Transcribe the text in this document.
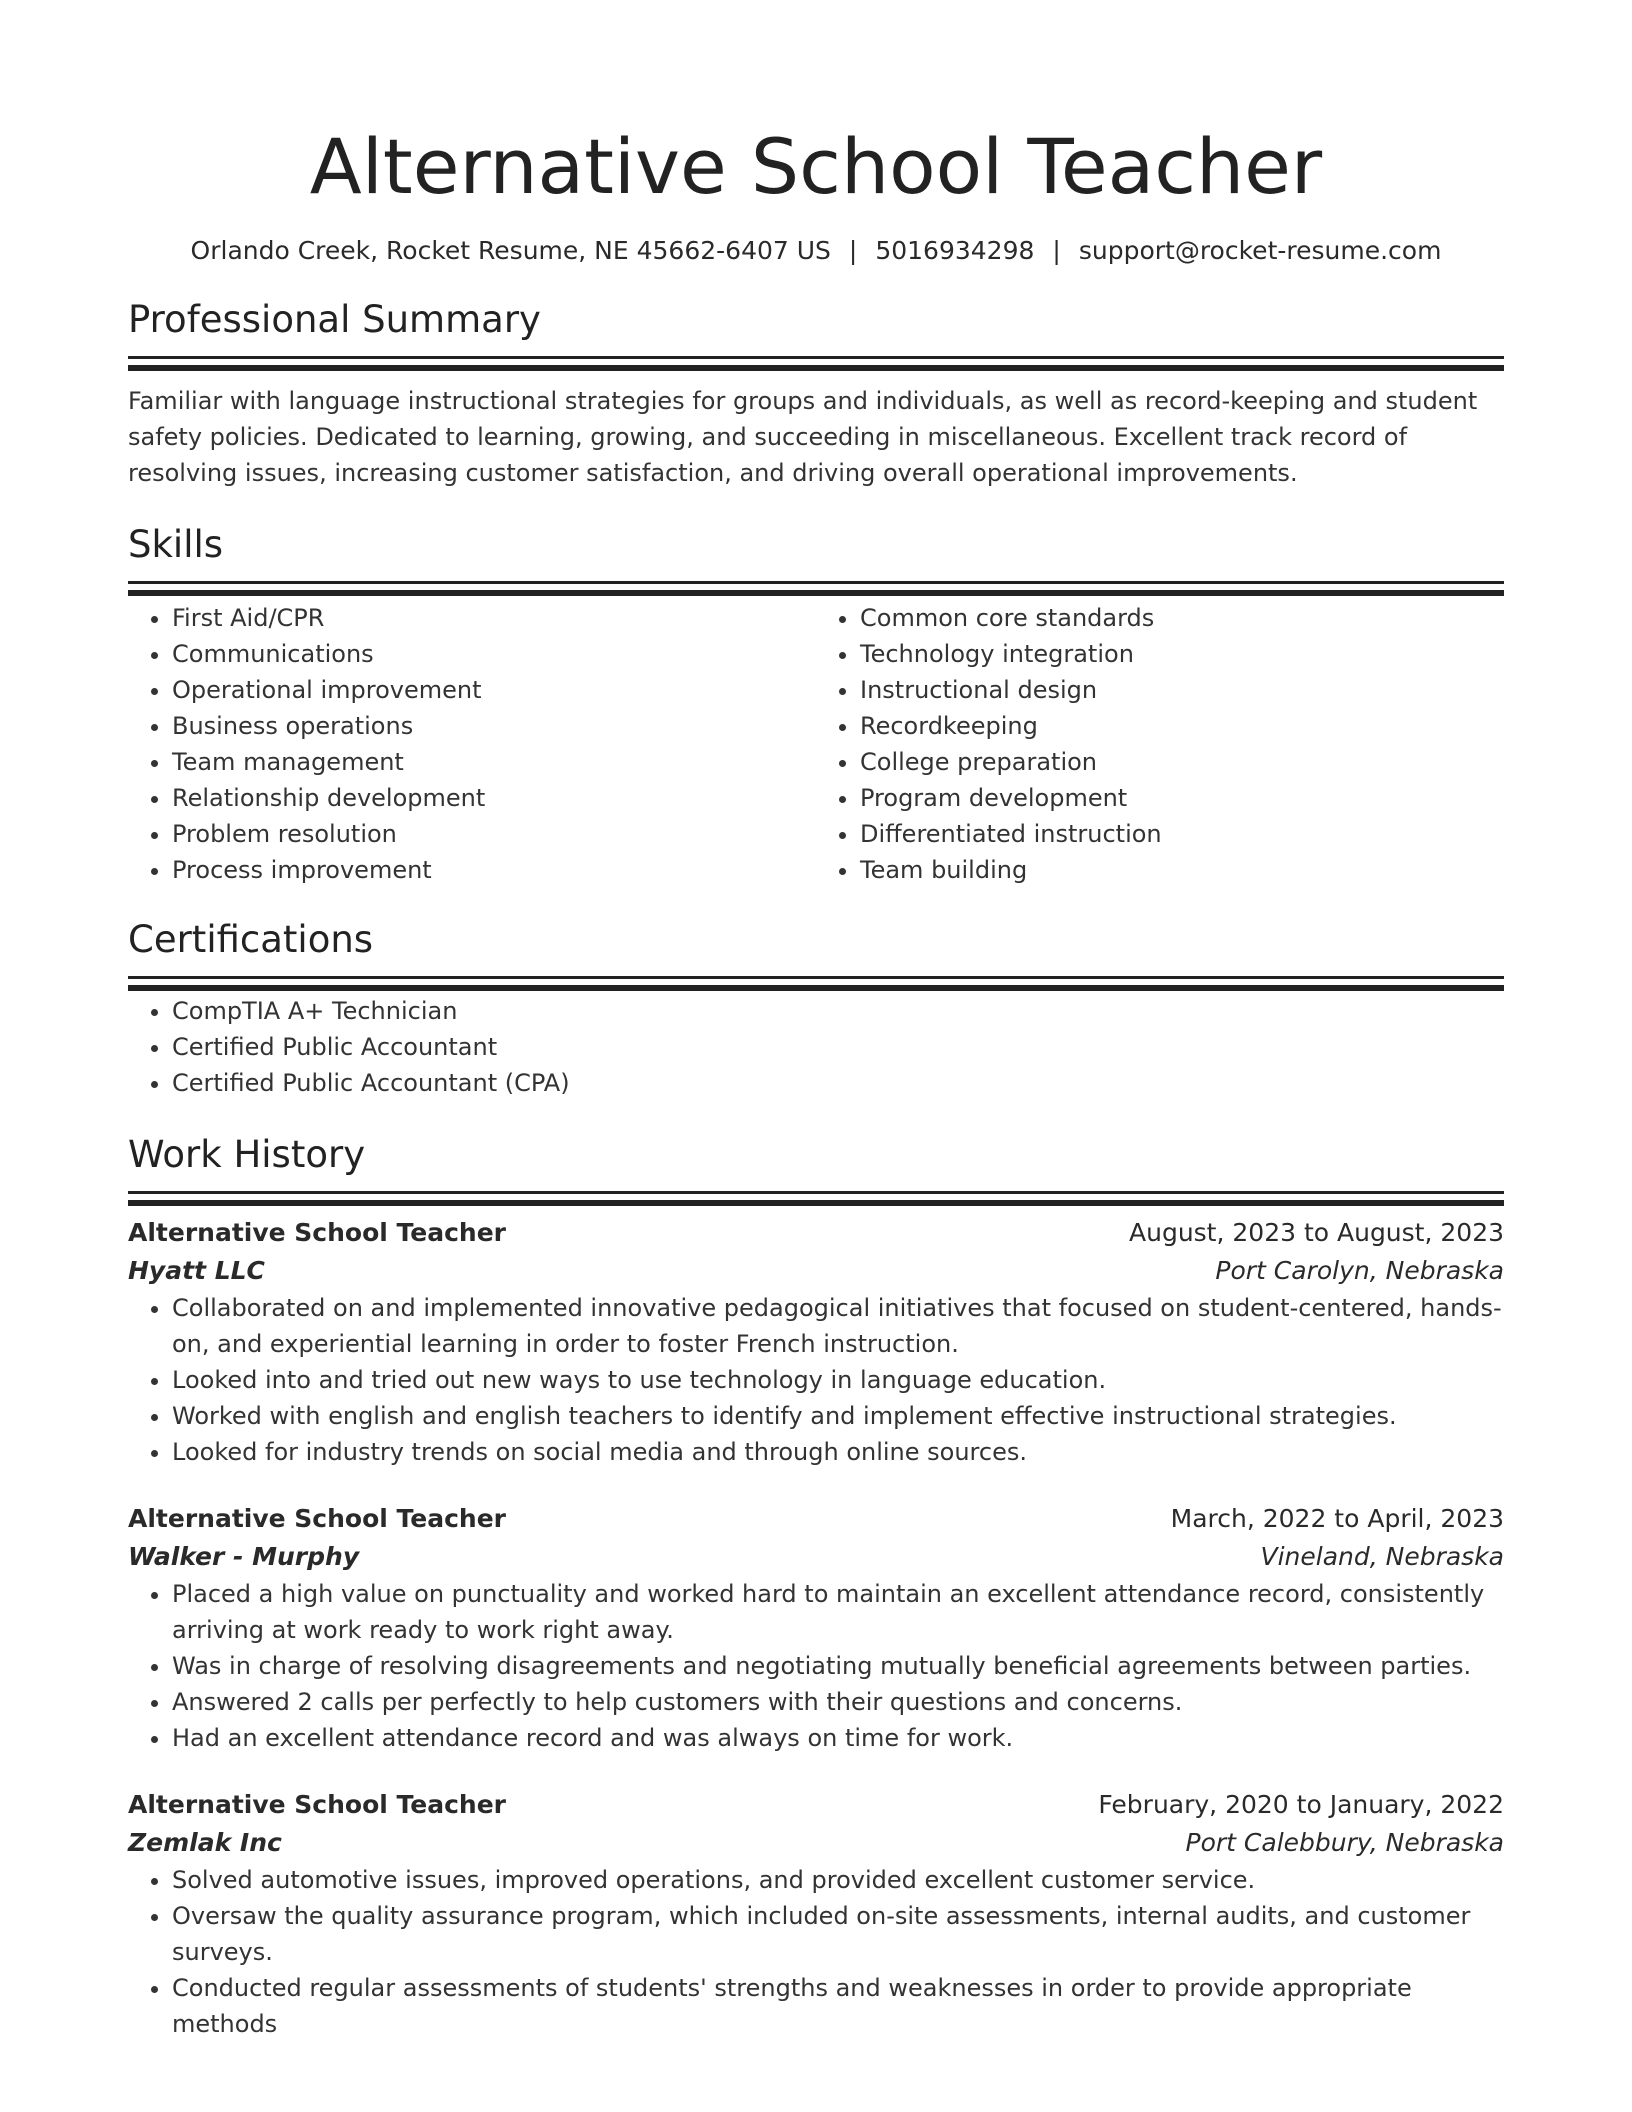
Alternative School Teacher
Orlando Creek, Rocket Resume, NE 45662-6407 US | 5016934298 | support@rocket-resume.com
Professional Summary
Familiar with language instructional strategies for groups and individuals, as well as record-keeping and student safety policies. Dedicated to learning, growing, and succeeding in miscellaneous. Excellent track record of resolving issues, increasing customer satisfaction, and driving overall operational improvements.
Skills
• First Aid/CPR
• Communications
• Operational improvement
• Business operations
• Team management
• Relationship development
• Problem resolution
• Process improvement
• Common core standards
• Technology integration
• Instructional design
• Recordkeeping
• College preparation
• Program development
• Differentiated instruction
• Team building
Certifications
• CompTIA A+ Technician
• Certified Public Accountant
• Certified Public Accountant (CPA)
Work History
Alternative School Teacher	August, 2023 to August, 2023
Hyatt LLC	Port Carolyn, Nebraska
• Collaborated on and implemented innovative pedagogical initiatives that focused on student-centered, hands-on, and experiential learning in order to foster French instruction.
• Looked into and tried out new ways to use technology in language education.
• Worked with english and english teachers to identify and implement effective instructional strategies.
• Looked for industry trends on social media and through online sources.
Alternative School Teacher	March, 2022 to April, 2023
Walker - Murphy	Vineland, Nebraska
• Placed a high value on punctuality and worked hard to maintain an excellent attendance record, consistently arriving at work ready to work right away.
• Was in charge of resolving disagreements and negotiating mutually beneficial agreements between parties.
• Answered 2 calls per perfectly to help customers with their questions and concerns.
• Had an excellent attendance record and was always on time for work.
Alternative School Teacher	February, 2020 to January, 2022
Zemlak Inc	Port Calebbury, Nebraska
• Solved automotive issues, improved operations, and provided excellent customer service.
• Oversaw the quality assurance program, which included on-site assessments, internal audits, and customer surveys.
• Conducted regular assessments of students' strengths and weaknesses in order to provide appropriate methods
